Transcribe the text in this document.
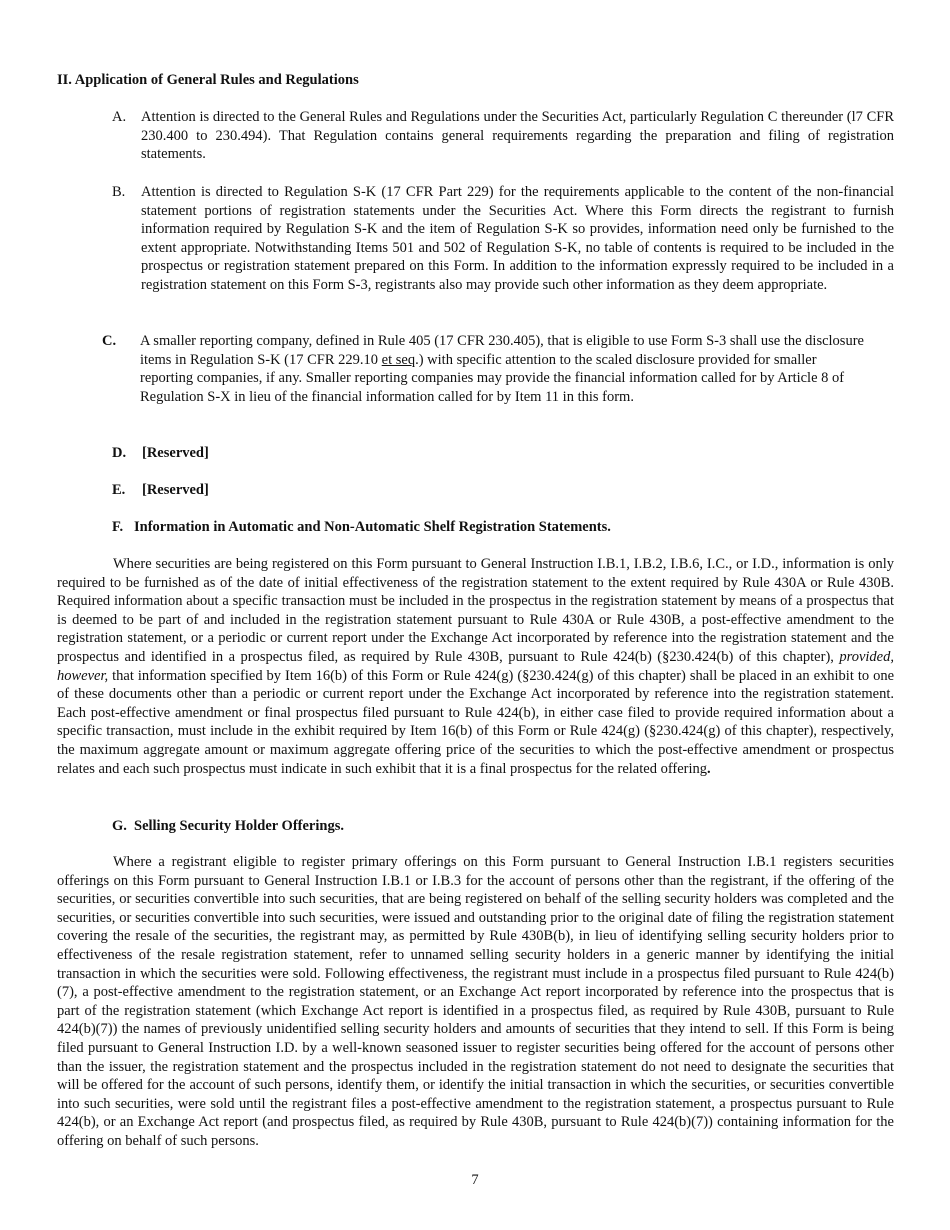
II. Application of General Rules and Regulations
A. Attention is directed to the General Rules and Regulations under the Securities Act, particularly Regulation C thereunder (l7 CFR 230.400 to 230.494). That Regulation contains general requirements regarding the preparation and filing of registration statements.
B. Attention is directed to Regulation S-K (17 CFR Part 229) for the requirements applicable to the content of the non-financial statement portions of registration statements under the Securities Act. Where this Form directs the registrant to furnish information required by Regulation S-K and the item of Regulation S-K so provides, information need only be furnished to the extent appropriate. Notwithstanding Items 501 and 502 of Regulation S-K, no table of contents is required to be included in the prospectus or registration statement prepared on this Form. In addition to the information expressly required to be included in a registration statement on this Form S-3, registrants also may provide such other information as they deem appropriate.
C. A smaller reporting company, defined in Rule 405 (17 CFR 230.405), that is eligible to use Form S-3 shall use the disclosure items in Regulation S-K (17 CFR 229.10 et seq.) with specific attention to the scaled disclosure provided for smaller reporting companies, if any. Smaller reporting companies may provide the financial information called for by Article 8 of Regulation S-X in lieu of the financial information called for by Item 11 in this form.
D. [Reserved]
E. [Reserved]
F. Information in Automatic and Non-Automatic Shelf Registration Statements.
Where securities are being registered on this Form pursuant to General Instruction I.B.1, I.B.2, I.B.6, I.C., or I.D., information is only required to be furnished as of the date of initial effectiveness of the registration statement to the extent required by Rule 430A or Rule 430B. Required information about a specific transaction must be included in the prospectus in the registration statement by means of a prospectus that is deemed to be part of and included in the registration statement pursuant to Rule 430A or Rule 430B, a post-effective amendment to the registration statement, or a periodic or current report under the Exchange Act incorporated by reference into the registration statement and the prospectus and identified in a prospectus filed, as required by Rule 430B, pursuant to Rule 424(b) (§230.424(b) of this chapter), provided, however, that information specified by Item 16(b) of this Form or Rule 424(g) (§230.424(g) of this chapter) shall be placed in an exhibit to one of these documents other than a periodic or current report under the Exchange Act incorporated by reference into the registration statement. Each post-effective amendment or final prospectus filed pursuant to Rule 424(b), in either case filed to provide required information about a specific transaction, must include in the exhibit required by Item 16(b) of this Form or Rule 424(g) (§230.424(g) of this chapter), respectively, the maximum aggregate amount or maximum aggregate offering price of the securities to which the post-effective amendment or prospectus relates and each such prospectus must indicate in such exhibit that it is a final prospectus for the related offering.
G. Selling Security Holder Offerings.
Where a registrant eligible to register primary offerings on this Form pursuant to General Instruction I.B.1 registers securities offerings on this Form pursuant to General Instruction I.B.1 or I.B.3 for the account of persons other than the registrant, if the offering of the securities, or securities convertible into such securities, that are being registered on behalf of the selling security holders was completed and the securities, or securities convertible into such securities, were issued and outstanding prior to the original date of filing the registration statement covering the resale of the securities, the registrant may, as permitted by Rule 430B(b), in lieu of identifying selling security holders prior to effectiveness of the resale registration statement, refer to unnamed selling security holders in a generic manner by identifying the initial transaction in which the securities were sold. Following effectiveness, the registrant must include in a prospectus filed pursuant to Rule 424(b)(7), a post-effective amendment to the registration statement, or an Exchange Act report incorporated by reference into the prospectus that is part of the registration statement (which Exchange Act report is identified in a prospectus filed, as required by Rule 430B, pursuant to Rule 424(b)(7)) the names of previously unidentified selling security holders and amounts of securities that they intend to sell. If this Form is being filed pursuant to General Instruction I.D. by a well-known seasoned issuer to register securities being offered for the account of persons other than the issuer, the registration statement and the prospectus included in the registration statement do not need to designate the securities that will be offered for the account of such persons, identify them, or identify the initial transaction in which the securities, or securities convertible into such securities, were sold until the registrant files a post-effective amendment to the registration statement, a prospectus pursuant to Rule 424(b), or an Exchange Act report (and prospectus filed, as required by Rule 430B, pursuant to Rule 424(b)(7)) containing information for the offering on behalf of such persons.
7
